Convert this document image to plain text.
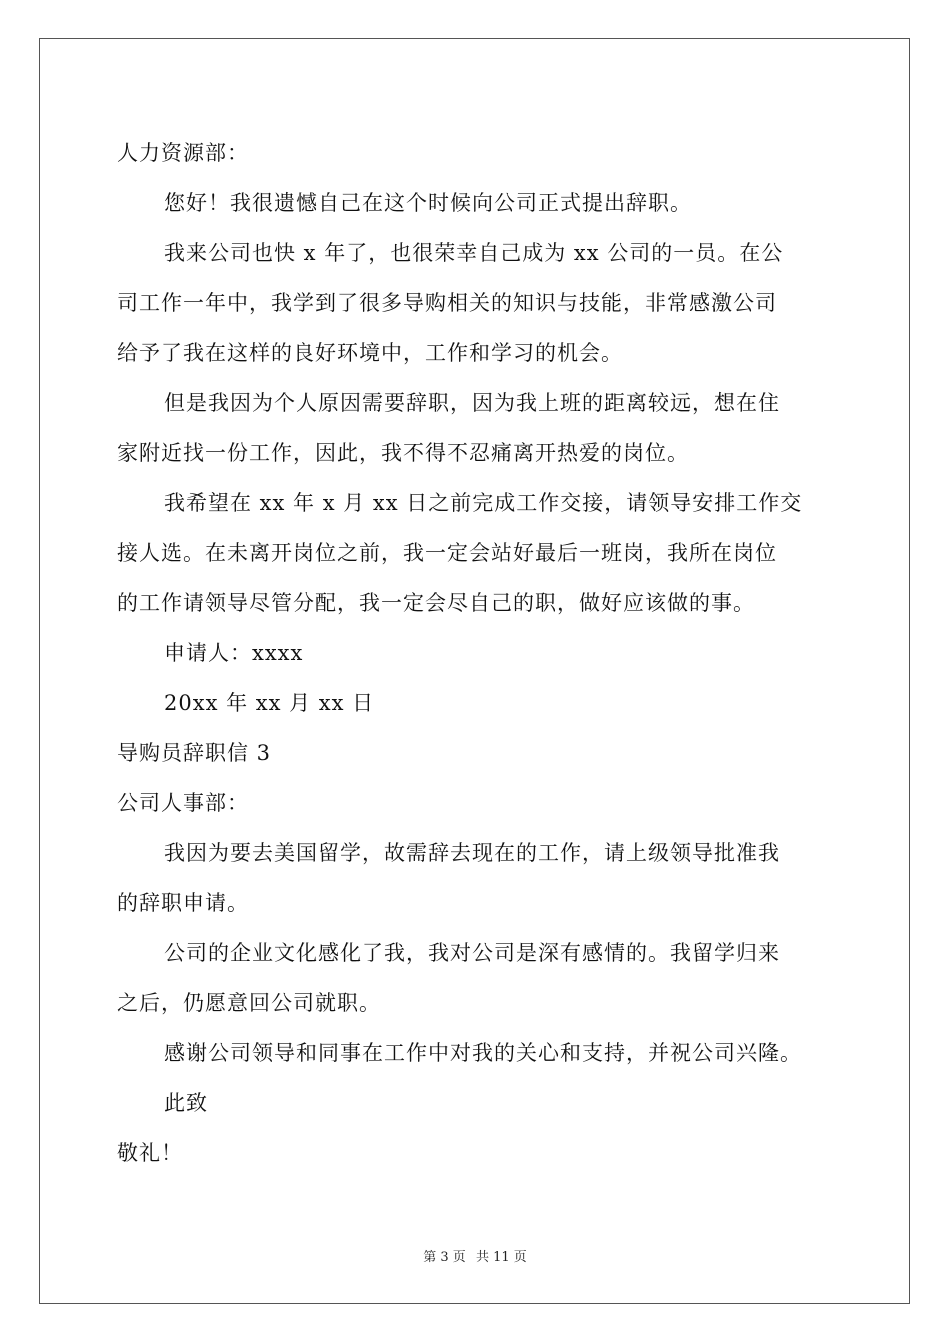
人力资源部：
您好！我很遗憾自己在这个时候向公司正式提出辞职。
我来公司也快 x 年了，也很荣幸自己成为 xx 公司的一员。在公
司工作一年中，我学到了很多导购相关的知识与技能，非常感激公司
给予了我在这样的良好环境中，工作和学习的机会。
但是我因为个人原因需要辞职，因为我上班的距离较远，想在住
家附近找一份工作，因此，我不得不忍痛离开热爱的岗位。
我希望在 xx 年 x 月 xx 日之前完成工作交接，请领导安排工作交
接人选。在未离开岗位之前，我一定会站好最后一班岗，我所在岗位
的工作请领导尽管分配，我一定会尽自己的职，做好应该做的事。
申请人：xxxx
20xx 年 xx 月 xx 日
导购员辞职信 3
公司人事部：
我因为要去美国留学，故需辞去现在的工作，请上级领导批准我
的辞职申请。
公司的企业文化感化了我，我对公司是深有感情的。我留学归来
之后，仍愿意回公司就职。
感谢公司领导和同事在工作中对我的关心和支持，并祝公司兴隆。
此致
敬礼！
第 3 页 共 11 页
